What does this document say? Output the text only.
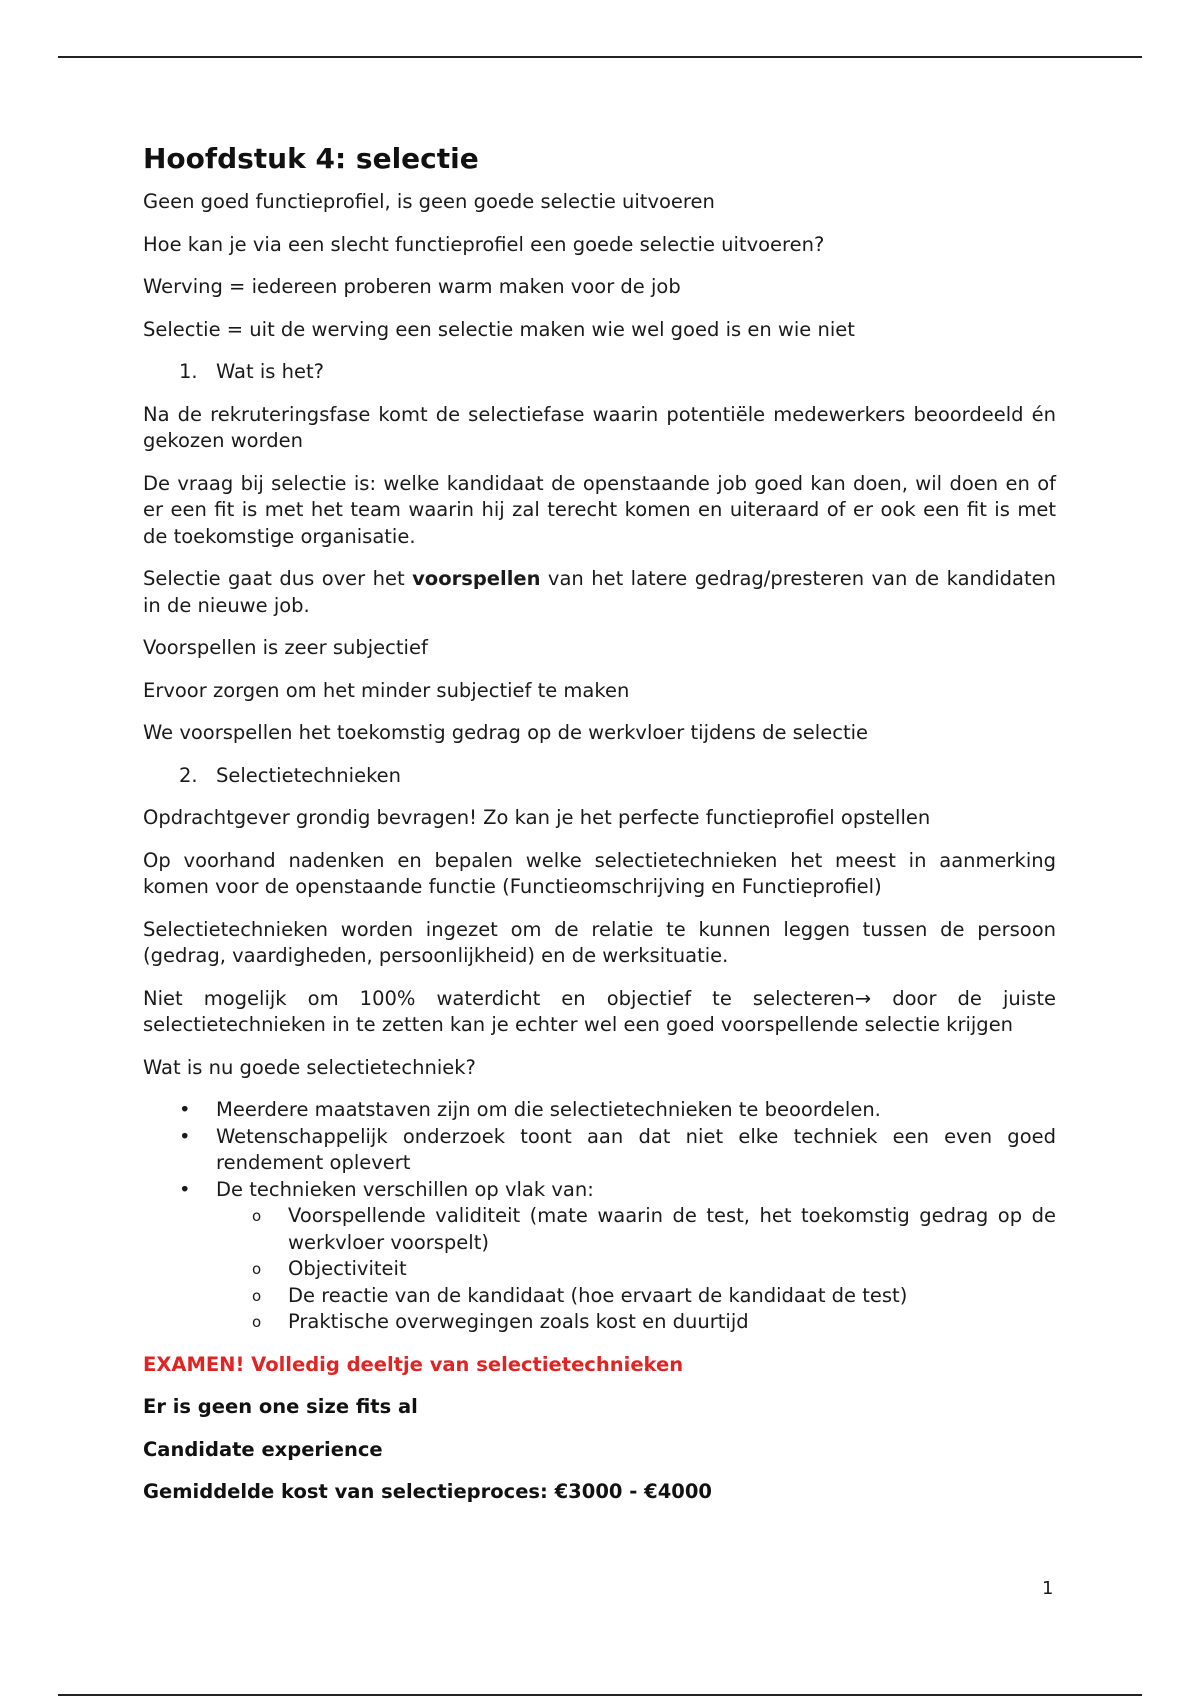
Hoofdstuk 4: selectie

Geen goed functieprofiel, is geen goede selectie uitvoeren

Hoe kan je via een slecht functieprofiel een goede selectie uitvoeren?

Werving = iedereen proberen warm maken voor de job

Selectie = uit de werving een selectie maken wie wel goed is en wie niet

1. Wat is het?

Na de rekruteringsfase komt de selectiefase waarin potentiële medewerkers beoordeeld én gekozen worden

De vraag bij selectie is: welke kandidaat de openstaande job goed kan doen, wil doen en of er een fit is met het team waarin hij zal terecht komen en uiteraard of er ook een fit is met de toekomstige organisatie.

Selectie gaat dus over het voorspellen van het latere gedrag/presteren van de kandidaten in de nieuwe job.

Voorspellen is zeer subjectief

Ervoor zorgen om het minder subjectief te maken

We voorspellen het toekomstig gedrag op de werkvloer tijdens de selectie

2. Selectietechnieken

Opdrachtgever grondig bevragen! Zo kan je het perfecte functieprofiel opstellen

Op voorhand nadenken en bepalen welke selectietechnieken het meest in aanmerking komen voor de openstaande functie (Functieomschrijving en Functieprofiel)

Selectietechnieken worden ingezet om de relatie te kunnen leggen tussen de persoon (gedrag, vaardigheden, persoonlijkheid) en de werksituatie.

Niet mogelijk om 100% waterdicht en objectief te selecteren→ door de juiste selectietechnieken in te zetten kan je echter wel een goed voorspellende selectie krijgen

Wat is nu goede selectietechniek?

• Meerdere maatstaven zijn om die selectietechnieken te beoordelen.
• Wetenschappelijk onderzoek toont aan dat niet elke techniek een even goed rendement oplevert
• De technieken verschillen op vlak van:
o Voorspellende validiteit (mate waarin de test, het toekomstig gedrag op de werkvloer voorspelt)
o Objectiviteit
o De reactie van de kandidaat (hoe ervaart de kandidaat de test)
o Praktische overwegingen zoals kost en duurtijd

EXAMEN! Volledig deeltje van selectietechnieken

Er is geen one size fits al

Candidate experience

Gemiddelde kost van selectieproces: €3000 - €4000

1
